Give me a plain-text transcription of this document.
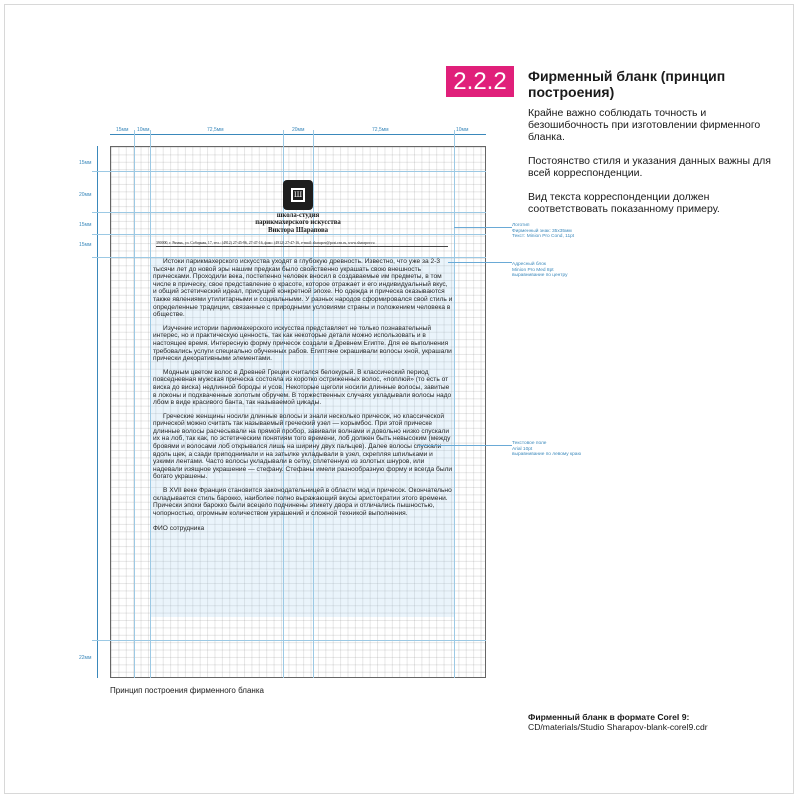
2.2.2	Фирменный бланк (принцип построения)

Крайне важно соблюдать точность и безошибочность при изготовлении фирменного бланка.

Постоянство стиля и указания данных важны для всей корреспонденции.

Вид текста корреспонденции должен соответствовать показанному примеру.

15мм 10мм	72,5мм	20мм	72,5мм	10мм
15мм
20мм
15мм
15мм
22мм
Ш
школа-студия
парикмахерского искусства
Виктора Шарапова
390000, г. Рязань, ул. Соборная, 17, тел.: (4912) 27-45-96, 27-47-16, факс: (4912) 27-47-16, e-mail: sharapov@post.rzn.ru, www.sharapov.ru

Истоки парикмахерского искусства уходят в глубокую древность. Известно, что уже за 2-3 тысячи лет до новой эры нашим предкам было свойственно украшать свою внешность прическами. Проходили века, постепенно человек вносил в создаваемые им предметы, в том числе в прическу, свое представление о красоте, которое отражает и его индивидуальный вкус, и общий эстетический идеал, присущий конкретной эпохе. Но одежда и прическа оказываются также явлениями утилитарными и социальными. У разных народов сформировался свой стиль и определенные традиции, связанные с природными условиями страны и положением человека в обществе.

Изучение истории парикмахерского искусства представляет не только познавательный интерес, но и практическую ценность, так как некоторые детали можно использовать и в настоящее время. Интересную форму причесок создали в Древнем Египте. Для ее выполнения требовались услуги специально обученных рабов. Египтяне окрашивали волосы хной, украшали прически декоративными элементами.

Модным цветом волос в Древней Греции считался белокурый. В классический период повседневная мужская прическа состояла из коротко остриженных волос, «поплюй» (то есть от виска до виска) недлинной бороды и усов. Некоторые щеголи носили длинные волосы, завитые в локоны и подхваченные золотым обручем. В торжественных случаях укладывали волосы надо лбом в виде красивого банта, так называемой цикады.

Греческие женщины носили длинные волосы и знали несколько причесок, но классической прической можно считать так называемый греческий узел — корымбос. При этой прическе длинные волосы расчесывали на прямой пробор, завивали волнами и довольно низко спускали их на лоб, так как, по эстетическим понятиям того времени, лоб должен быть невысоким (между бровями и волосами лоб открывался лишь на ширину двух пальцев). Далее волосы спускали вдоль щек, а сзади приподнимали и на затылке укладывали в узел, скрепляя шпильками и узкими лентами. Часто волосы укладывали в сетку, сплетенную из золотых шнуров, или надевали изящное украшение — стефану. Стефаны имели разнообразную форму и всегда были богато украшены.

В XVII веке Франция становится законодательницей в области мод и причесок. Окончательно складывается стиль барокко, наиболее полно выражающий вкусы аристократии этого времени. Прически эпохи барокко были всецело подчинены этикету двора и отличались пышностью, чопорностью, огромным количеством украшений и сложной техникой выполнения.

ФИО сотрудника

Логотип
Фирменный знак: 35х35мм
Текст: Minion Pro Cond, 11pt
Адресный блок
Minion Pro Med 8pt
выравнивание по центру
Текстовое поле
Arial 10pt
выравнивание по левому краю
Принцип построения фирменного бланка
Фирменный бланк в формате Corel 9:
CD/materials/Studio Sharapov-blank-corel9.cdr
